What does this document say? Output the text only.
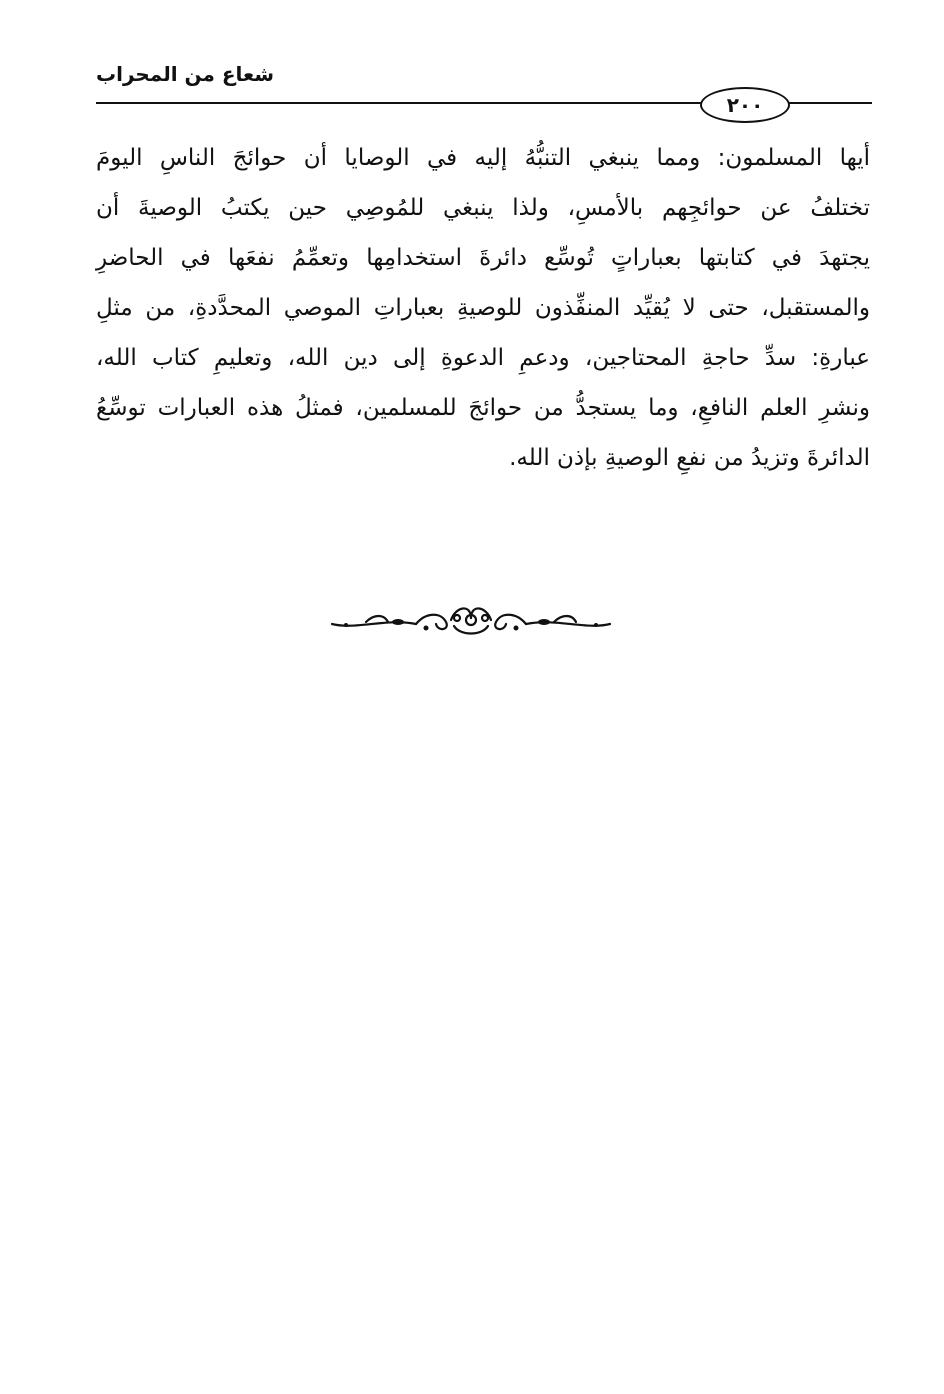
شعاع من المحراب
٢٠٠
أيها المسلمون: ومما ينبغي التنبُّهُ إليه في الوصايا أن حوائجَ الناسِ اليومَ
تختلفُ عن حوائجِهم بالأمسِ، ولذا ينبغي للمُوصِي حين يكتبُ الوصيةَ أن
يجتهدَ في كتابتها بعباراتٍ تُوسِّع دائرةَ استخدامِها وتعمِّمُ نفعَها في الحاضرِ
والمستقبل، حتى لا يُقيِّد المنفِّذون للوصيةِ بعباراتِ الموصي المحدَّدةِ، من مثلِ
عبارةِ: سدِّ حاجةِ المحتاجين، ودعمِ الدعوةِ إلى دين الله، وتعليمِ كتاب الله،
ونشرِ العلم النافعِ، وما يستجدُّ من حوائجَ للمسلمين، فمثلُ هذه العبارات توسِّعُ
الدائرةَ وتزيدُ من نفعِ الوصيةِ بإذن الله.
